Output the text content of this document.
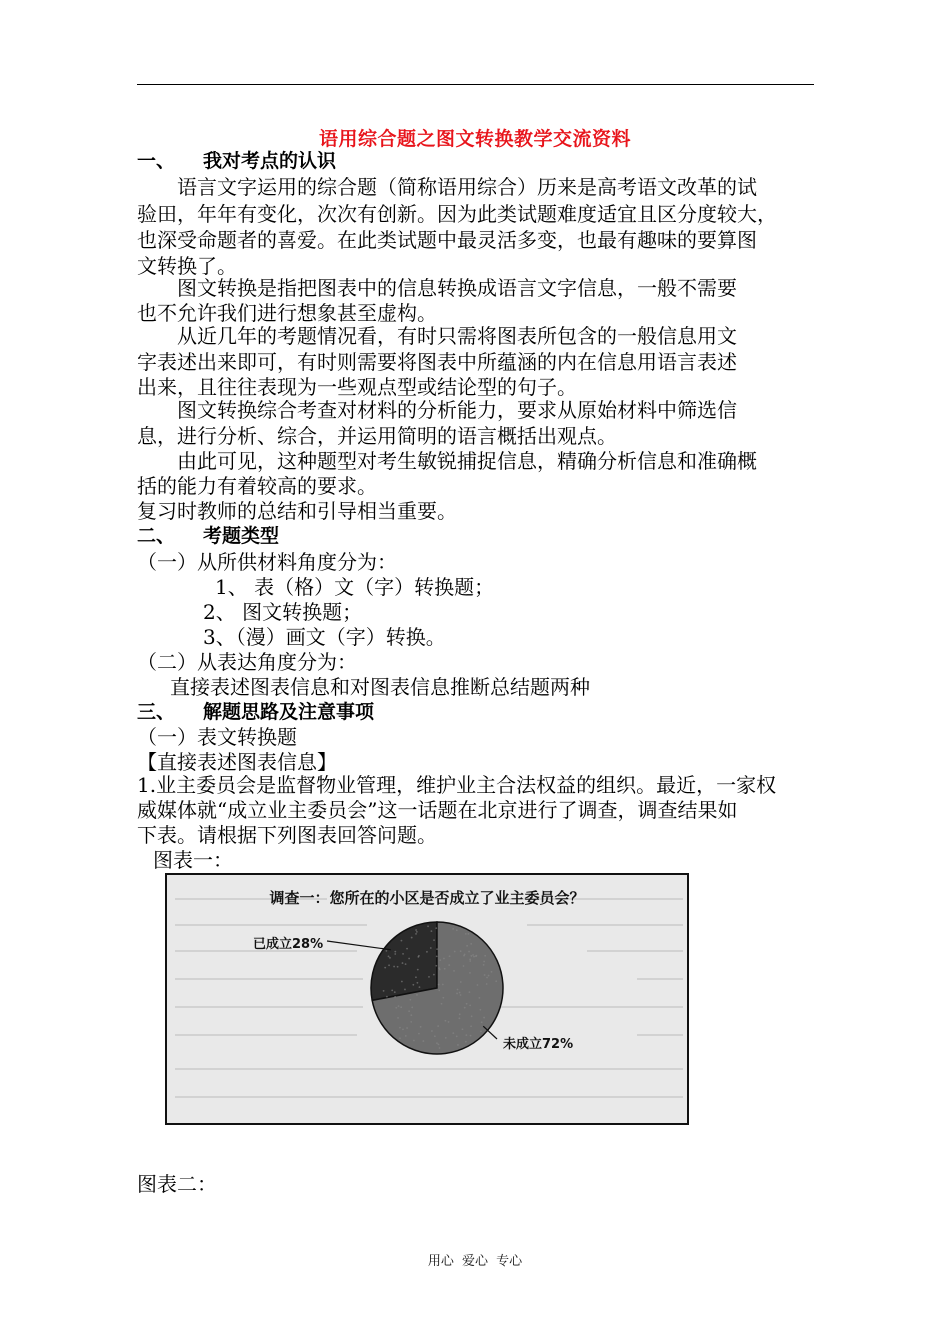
语用综合题之图文转换教学交流资料
一、 我对考点的认识
语言文字运用的综合题（简称语用综合）历来是高考语文改革的试
验田，年年有变化，次次有创新。因为此类试题难度适宜且区分度较大，
也深受命题者的喜爱。在此类试题中最灵活多变，也最有趣味的要算图
文转换了。
图文转换是指把图表中的信息转换成语言文字信息，一般不需要
也不允许我们进行想象甚至虚构。
从近几年的考题情况看，有时只需将图表所包含的一般信息用文
字表述出来即可，有时则需要将图表中所蕴涵的内在信息用语言表述
出来，且往往表现为一些观点型或结论型的句子。
图文转换综合考查对材料的分析能力，要求从原始材料中筛选信
息，进行分析、综合，并运用简明的语言概括出观点。
由此可见，这种题型对考生敏锐捕捉信息，精确分析信息和准确概
括的能力有着较高的要求。
复习时教师的总结和引导相当重要。
二、 考题类型
（一）从所供材料角度分为：
1、 表（格）文（字）转换题；
2、 图文转换题；
3、（漫）画文（字）转换。
（二）从表达角度分为：
直接表述图表信息和对图表信息推断总结题两种
三、 解题思路及注意事项
（一）表文转换题
【直接表述图表信息】
1.业主委员会是监督物业管理，维护业主合法权益的组织。最近，一家权
威媒体就“成立业主委员会”这一话题在北京进行了调查，调查结果如
下表。请根据下列图表回答问题。
图表一：
调查一：您所在的小区是否成立了业主委员会？
已成立28%
未成立72%
图表二：
用心 爱心 专心
